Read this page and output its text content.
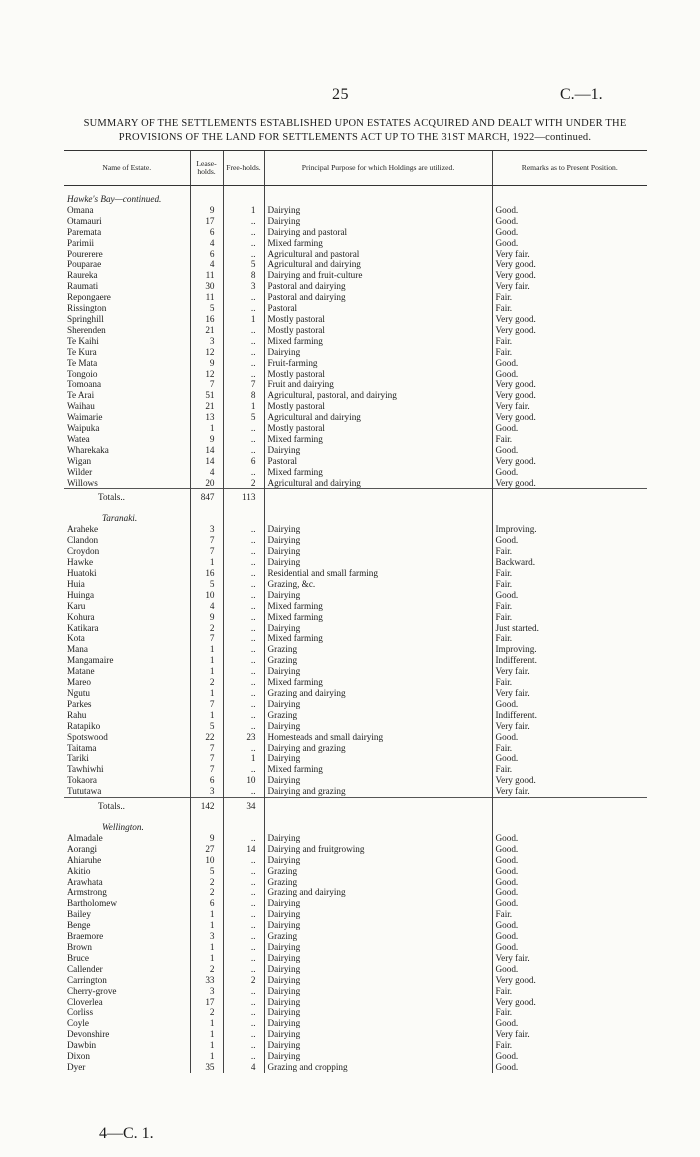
25	C.—1.
SUMMARY OF THE SETTLEMENTS ESTABLISHED UPON ESTATES ACQUIRED AND DEALT WITH UNDER THE
PROVISIONS OF THE LAND FOR SETTLEMENTS ACT UP TO THE 31ST MARCH, 1922—continued.
Name of Estate.	Lease-holds.	Free-holds.	Principal Purpose for which Holdings are utilized.	Remarks as to Present Position.

Hawke's Bay—continued.				
Omana	9	1	Dairying	Good.
Otamauri	17	..	Dairying	Good.
Paremata	6	..	Dairying and pastoral	Good.
Parimii	4	..	Mixed farming	Good.
Pourerere	6	..	Agricultural and pastoral	Very fair.
Pouparae	4	5	Agricultural and dairying	Very good.
Raureka	11	8	Dairying and fruit-culture	Very good.
Raumati	30	3	Pastoral and dairying	Very fair.
Repongaere	11	..	Pastoral and dairying	Fair.
Rissington	5	..	Pastoral	Fair.
Springhill	16	1	Mostly pastoral	Very good.
Sherenden	21	..	Mostly pastoral	Very good.
Te Kaihi	3	..	Mixed farming	Fair.
Te Kura	12	..	Dairying	Fair.
Te Mata	9	..	Fruit-farming	Good.
Tongoio	12	..	Mostly pastoral	Good.
Tomoana	7	7	Fruit and dairying	Very good.
Te Arai	51	8	Agricultural, pastoral, and dairying	Very good.
Waihau	21	1	Mostly pastoral	Very fair.
Waimarie	13	5	Agricultural and dairying	Very good.
Waipuka	1	..	Mostly pastoral	Good.
Watea	9	..	Mixed farming	Fair.
Wharekaka	14	..	Dairying	Good.
Wigan	14	6	Pastoral	Very good.
Wilder	4	..	Mixed farming	Good.
Willows	20	2	Agricultural and dairying	Very good.
Totals..	847	113		

Taranaki.				
Araheke	3	..	Dairying	Improving.
Clandon	7	..	Dairying	Good.
Croydon	7	..	Dairying	Fair.
Hawke	1	..	Dairying	Backward.
Huatoki	16	..	Residential and small farming	Fair.
Huia	5	..	Grazing, &c.	Fair.
Huinga	10	..	Dairying	Good.
Karu	4	..	Mixed farming	Fair.
Kohura	9	..	Mixed farming	Fair.
Katikara	2	..	Dairying	Just started.
Kota	7	..	Mixed farming	Fair.
Mana	1	..	Grazing	Improving.
Mangamaire	1	..	Grazing	Indifferent.
Matane	1	..	Dairying	Very fair.
Mareo	2	..	Mixed farming	Fair.
Ngutu	1	..	Grazing and dairying	Very fair.
Parkes	7	..	Dairying	Good.
Rahu	1	..	Grazing	Indifferent.
Ratapiko	5	..	Dairying	Very fair.
Spotswood	22	23	Homesteads and small dairying	Good.
Taitama	7	..	Dairying and grazing	Fair.
Tariki	7	1	Dairying	Good.
Tawhiwhi	7	..	Mixed farming	Fair.
Tokaora	6	10	Dairying	Very good.
Tututawa	3	..	Dairying and grazing	Very fair.
Totals..	142	34		

Wellington.				
Almadale	9	..	Dairying	Good.
Aorangi	27	14	Dairying and fruitgrowing	Good.
Ahiaruhe	10	..	Dairying	Good.
Akitio	5	..	Grazing	Good.
Arawhata	2	..	Grazing	Good.
Armstrong	2	..	Grazing and dairying	Good.
Bartholomew	6	..	Dairying	Good.
Bailey	1	..	Dairying	Fair.
Benge	1	..	Dairying	Good.
Braemore	3	..	Grazing	Good.
Brown	1	..	Dairying	Good.
Bruce	1	..	Dairying	Very fair.
Callender	2	..	Dairying	Good.
Carrington	33	2	Dairying	Very good.
Cherry-grove	3	..	Dairying	Fair.
Cloverlea	17	..	Dairying	Very good.
Corliss	2	..	Dairying	Fair.
Coyle	1	..	Dairying	Good.
Devonshire	1	..	Dairying	Very fair.
Dawbin	1	..	Dairying	Fair.
Dixon	1	..	Dairying	Good.
Dyer	35	4	Grazing and cropping	Good.
4—C. 1.
